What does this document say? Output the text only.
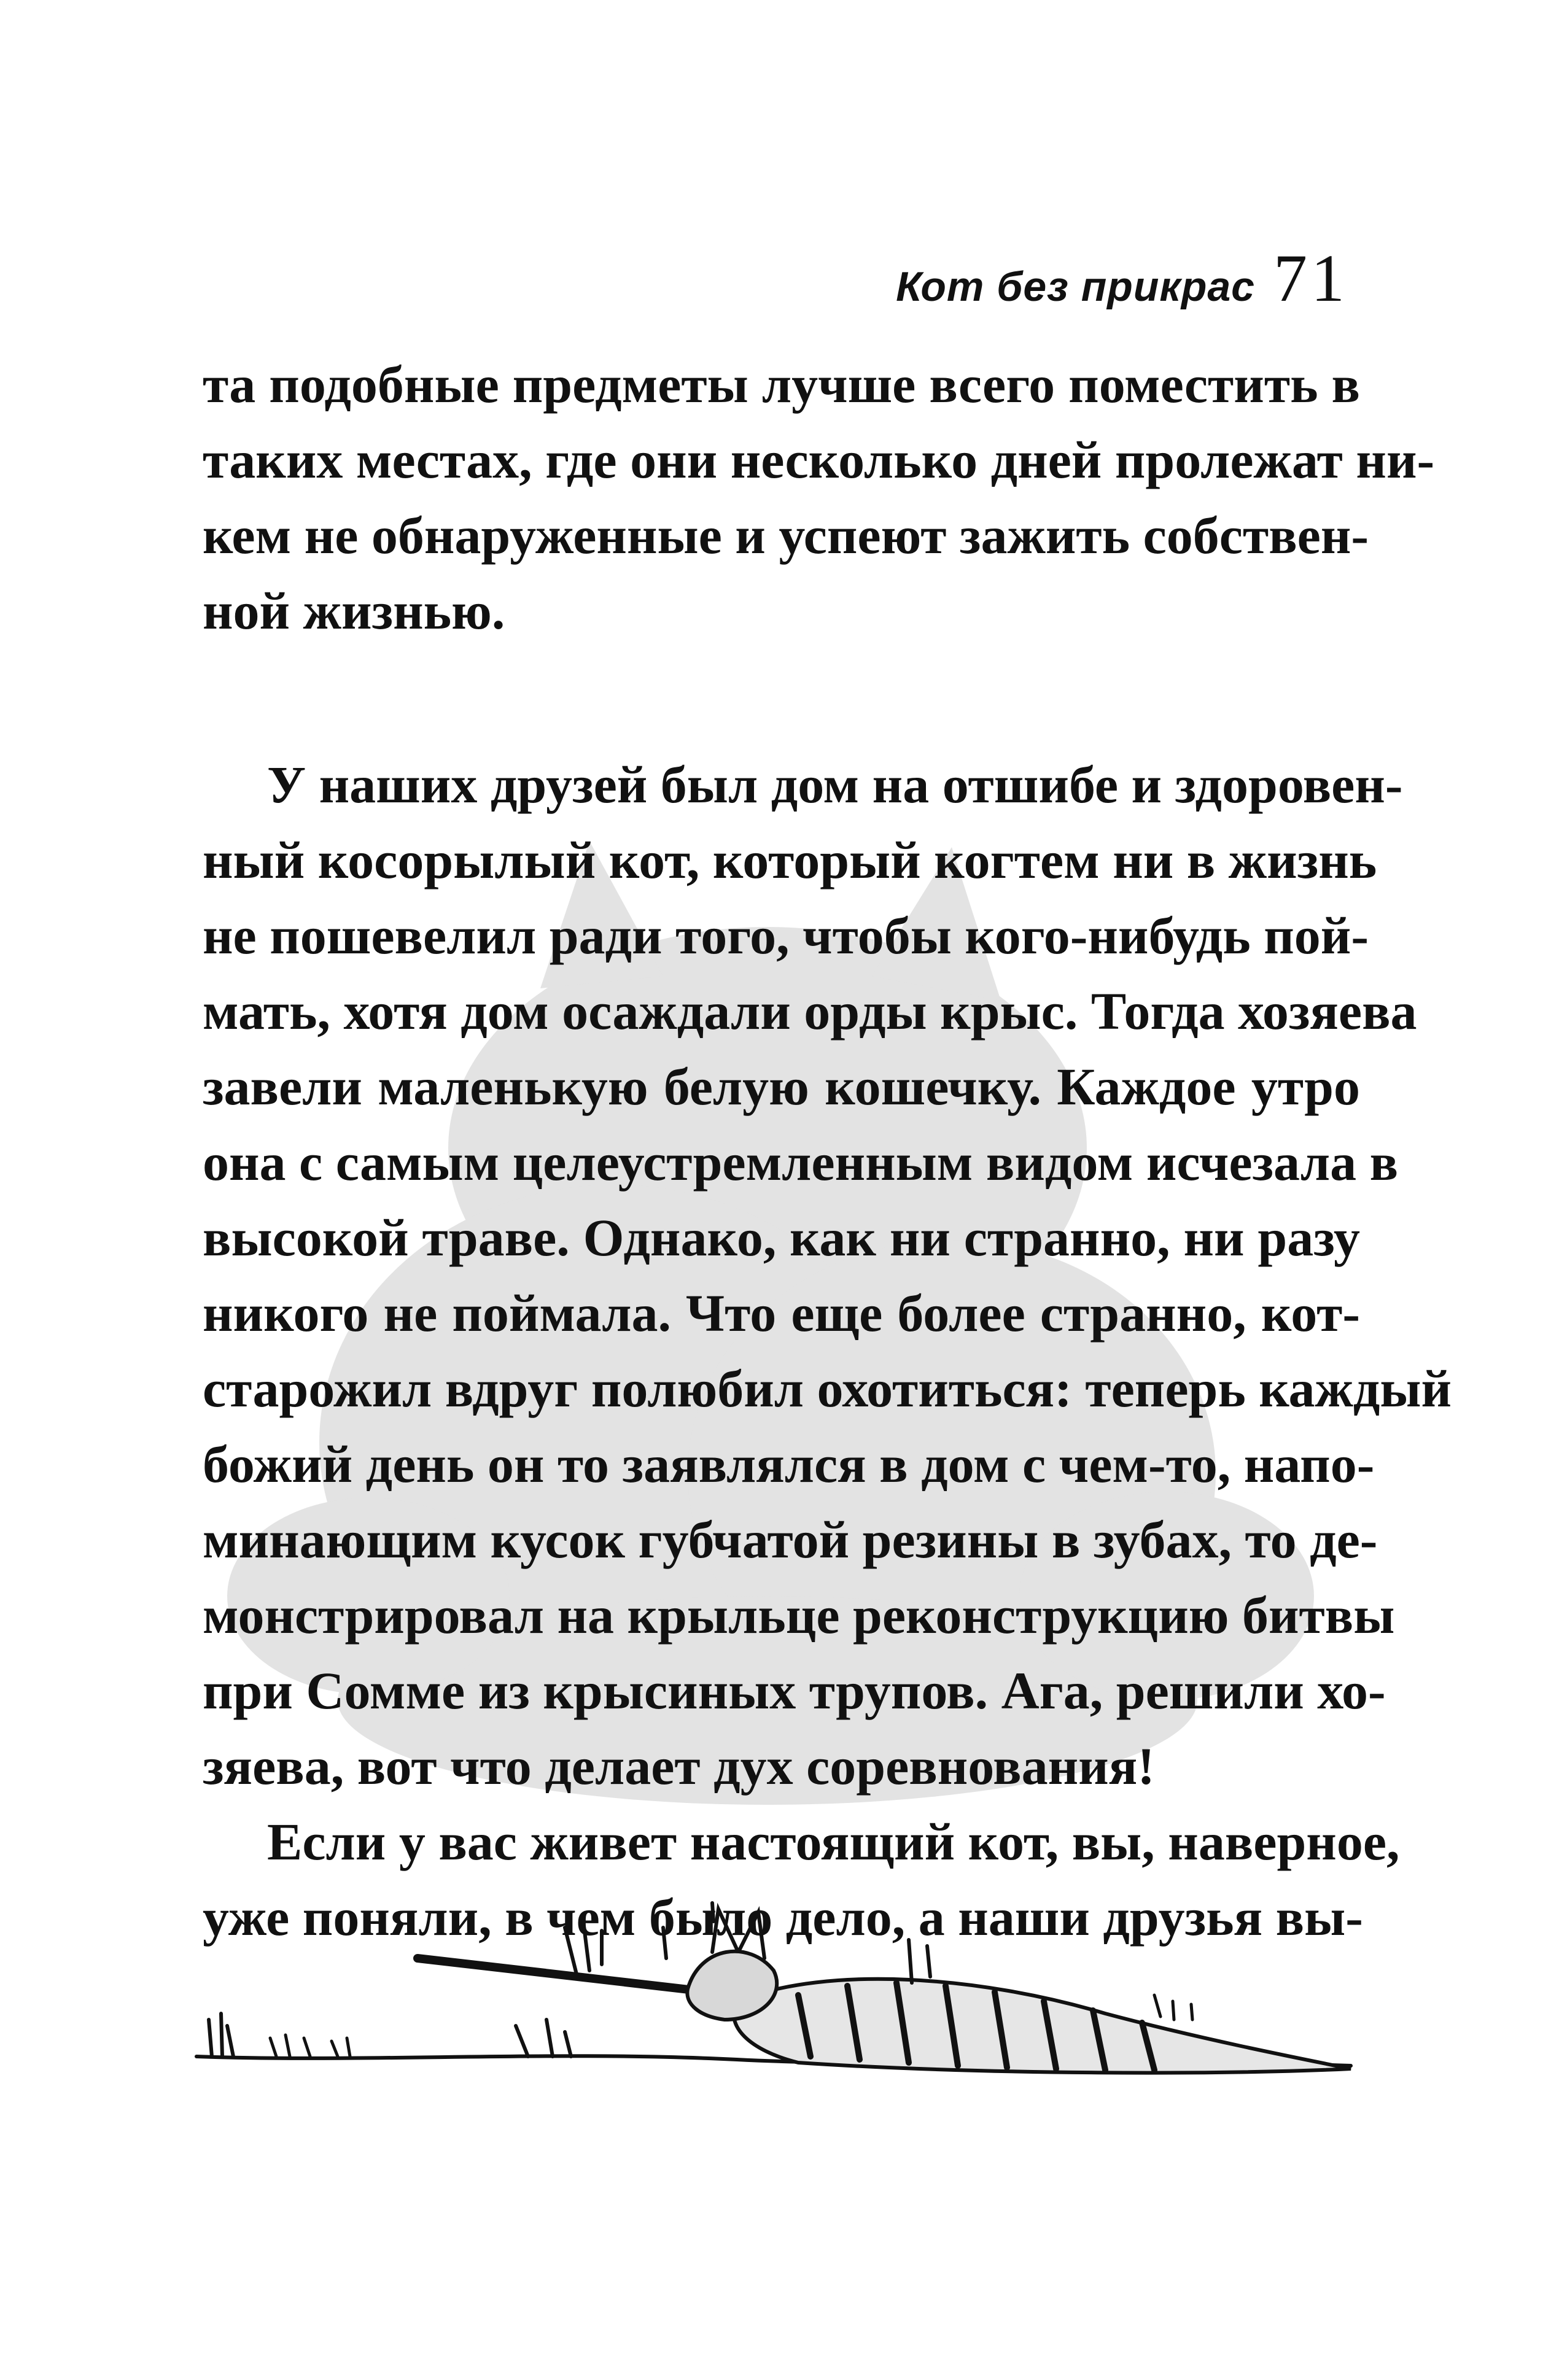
Кот без прикрас 71
та подобные предметы лучше всего поместить в
таких местах, где они несколько дней пролежат ни-
кем не обнаруженные и успеют зажить собствен-
ной жизнью.
У наших друзей был дом на отшибе и здоровен-
ный косорылый кот, который когтем ни в жизнь
не пошевелил ради того, чтобы кого-нибудь пой-
мать, хотя дом осаждали орды крыс. Тогда хозяева
завели маленькую белую кошечку. Каждое утро
она с самым целеустремленным видом исчезала в
высокой траве. Однако, как ни странно, ни разу
никого не поймала. Что еще более странно, кот-
старожил вдруг полюбил охотиться: теперь каждый
божий день он то заявлялся в дом с чем-то, напо-
минающим кусок губчатой резины в зубах, то де-
монстрировал на крыльце реконструкцию битвы
при Сомме из крысиных трупов. Ага, решили хо-
зяева, вот что делает дух соревнования!
Если у вас живет настоящий кот, вы, наверное,
уже поняли, в чем было дело, а наши друзья вы-
